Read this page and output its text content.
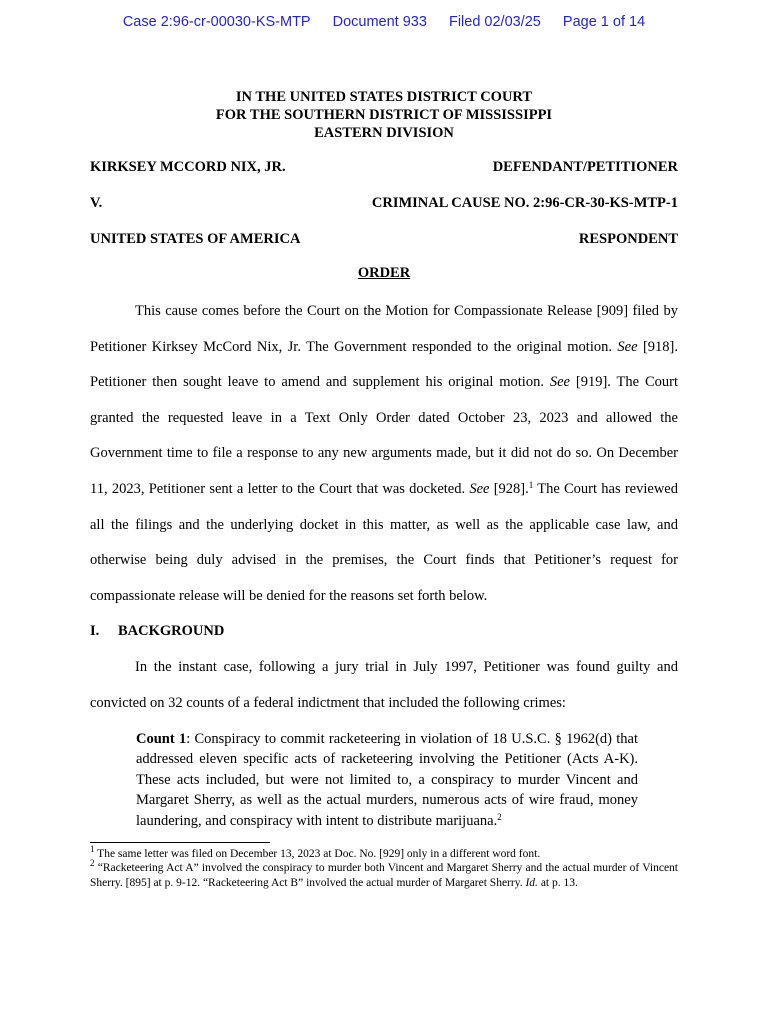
Case 2:96-cr-00030-KS-MTP Document 933 Filed 02/03/25 Page 1 of 14
IN THE UNITED STATES DISTRICT COURT
FOR THE SOUTHERN DISTRICT OF MISSISSIPPI
EASTERN DIVISION
KIRKSEY MCCORD NIX, JR.	DEFENDANT/PETITIONER
V.	CRIMINAL CAUSE NO. 2:96-CR-30-KS-MTP-1
UNITED STATES OF AMERICA	RESPONDENT
ORDER

This cause comes before the Court on the Motion for Compassionate Release [909] filed by Petitioner Kirksey McCord Nix, Jr. The Government responded to the original motion. See [918]. Petitioner then sought leave to amend and supplement his original motion. See [919]. The Court granted the requested leave in a Text Only Order dated October 23, 2023 and allowed the Government time to file a response to any new arguments made, but it did not do so. On December 11, 2023, Petitioner sent a letter to the Court that was docketed. See [928].$^1$ The Court has reviewed all the filings and the underlying docket in this matter, as well as the applicable case law, and otherwise being duly advised in the premises, the Court finds that Petitioner’s request for compassionate release will be denied for the reasons set forth below.

I. BACKGROUND

In the instant case, following a jury trial in July 1997, Petitioner was found guilty and convicted on 32 counts of a federal indictment that included the following crimes:

Count 1: Conspiracy to commit racketeering in violation of 18 U.S.C. § 1962(d) that addressed eleven specific acts of racketeering involving the Petitioner (Acts A-K). These acts included, but were not limited to, a conspiracy to murder Vincent and Margaret Sherry, as well as the actual murders, numerous acts of wire fraud, money laundering, and conspiracy with intent to distribute marijuana.$^2$

$^1$ The same letter was filed on December 13, 2023 at Doc. No. [929] only in a different word font.

$^2$ “Racketeering Act A” involved the conspiracy to murder both Vincent and Margaret Sherry and the actual murder of Vincent Sherry. [895] at p. 9-12. “Racketeering Act B” involved the actual murder of Margaret Sherry. Id. at p. 13.
